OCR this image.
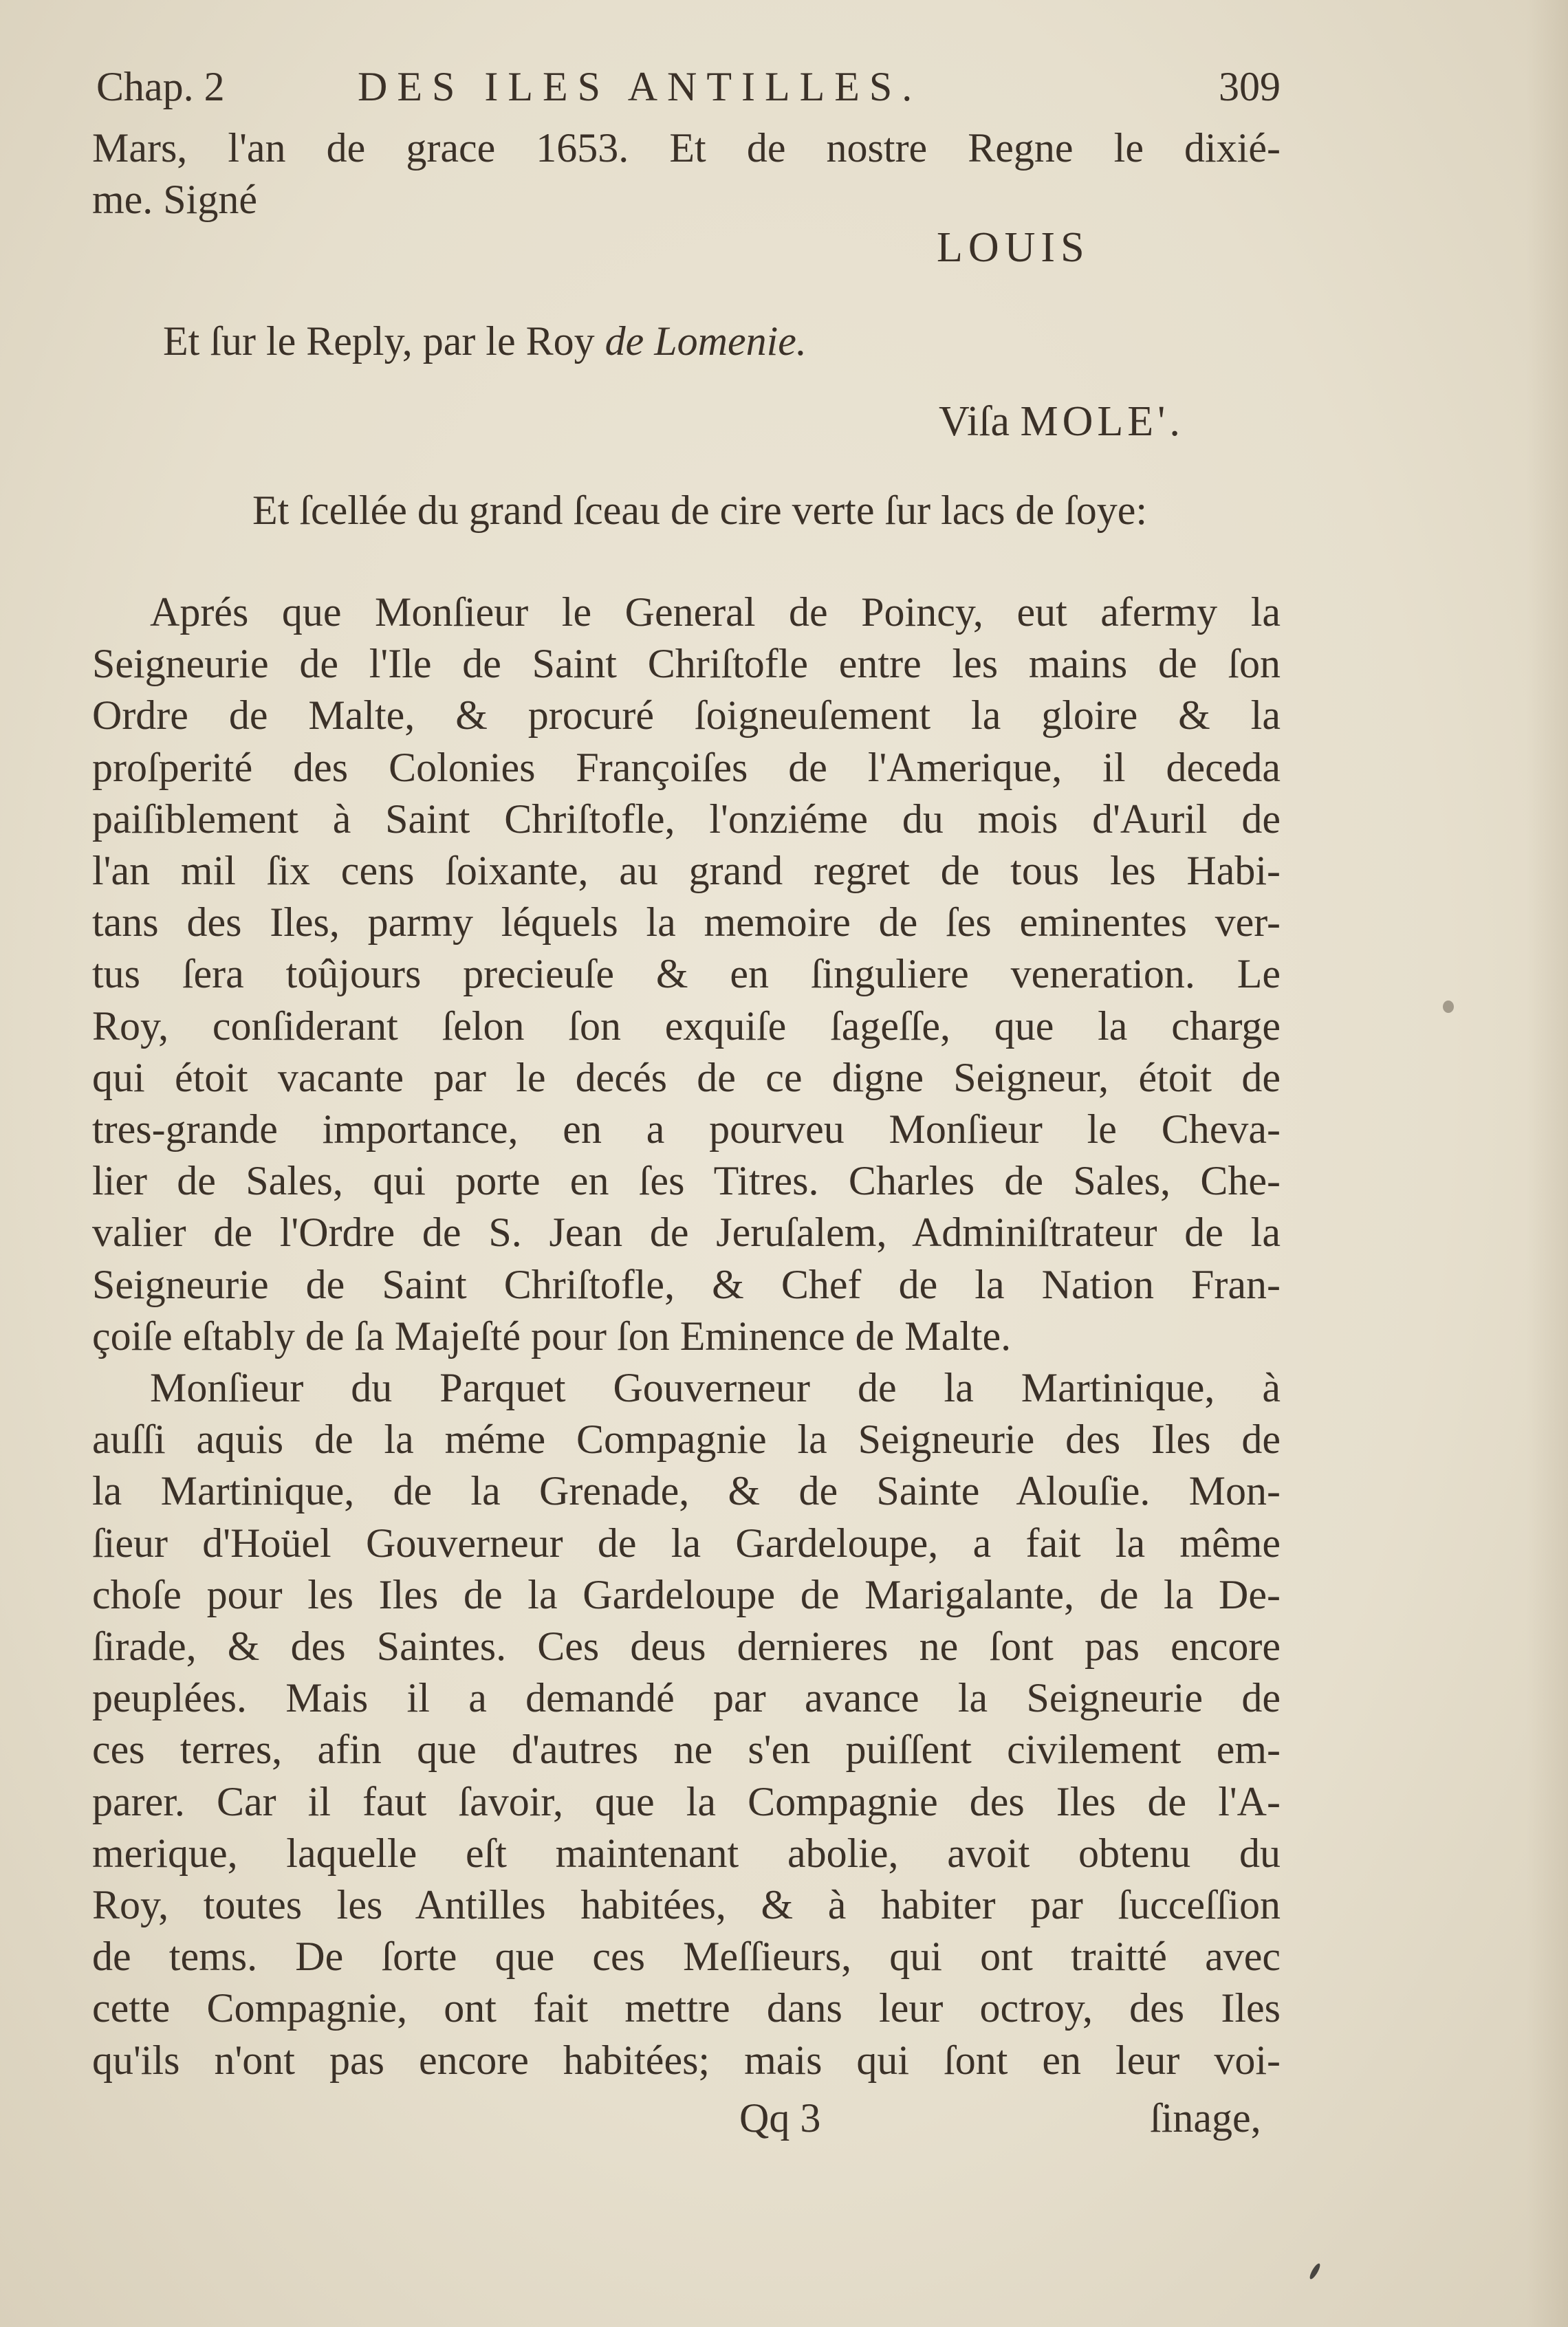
Chap. 2	DES ILES ANTILLES.	309
Mars, l'an de grace 1653. Et de nostre Regne le dixié-
me. Signé
LOUIS
Et ſur le Reply, par le Roy de Lomenie.
Viſa MOLE'.
Et ſcellée du grand ſceau de cire verte ſur lacs de ſoye:
Aprés que Monſieur le General de Poincy, eut afermy la
Seigneurie de l'Ile de Saint Chriſtofle entre les mains de ſon
Ordre de Malte, & procuré ſoigneuſement la gloire & la
proſperité des Colonies Françoiſes de l'Amerique, il deceda
paiſiblement à Saint Chriſtofle, l'onziéme du mois d'Auril de
l'an mil ſix cens ſoixante, au grand regret de tous les Habi-
tans des Iles, parmy léquels la memoire de ſes eminentes ver-
tus ſera toûjours precieuſe & en ſinguliere veneration. Le
Roy, conſiderant ſelon ſon exquiſe ſageſſe, que la charge
qui étoit vacante par le decés de ce digne Seigneur, étoit de
tres-grande importance, en a pourveu Monſieur le Cheva-
lier de Sales, qui porte en ſes Titres. Charles de Sales, Che-
valier de l'Ordre de S. Jean de Jeruſalem, Adminiſtrateur de la
Seigneurie de Saint Chriſtofle, & Chef de la Nation Fran-
çoiſe eſtably de ſa Majeſté pour ſon Eminence de Malte.
Monſieur du Parquet Gouverneur de la Martinique, à
auſſi aquis de la méme Compagnie la Seigneurie des Iles de
la Martinique, de la Grenade, & de Sainte Alouſie. Mon-
ſieur d'Hoüel Gouverneur de la Gardeloupe, a fait la même
choſe pour les Iles de la Gardeloupe de Marigalante, de la De-
ſirade, & des Saintes. Ces deus dernieres ne ſont pas encore
peuplées. Mais il a demandé par avance la Seigneurie de
ces terres, afin que d'autres ne s'en puiſſent civilement em-
parer. Car il faut ſavoir, que la Compagnie des Iles de l'A-
merique, laquelle eſt maintenant abolie, avoit obtenu du
Roy, toutes les Antilles habitées, & à habiter par ſucceſſion
de tems. De ſorte que ces Meſſieurs, qui ont traitté avec
cette Compagnie, ont fait mettre dans leur octroy, des Iles
qu'ils n'ont pas encore habitées; mais qui ſont en leur voi-
Qq 3	ſinage,
